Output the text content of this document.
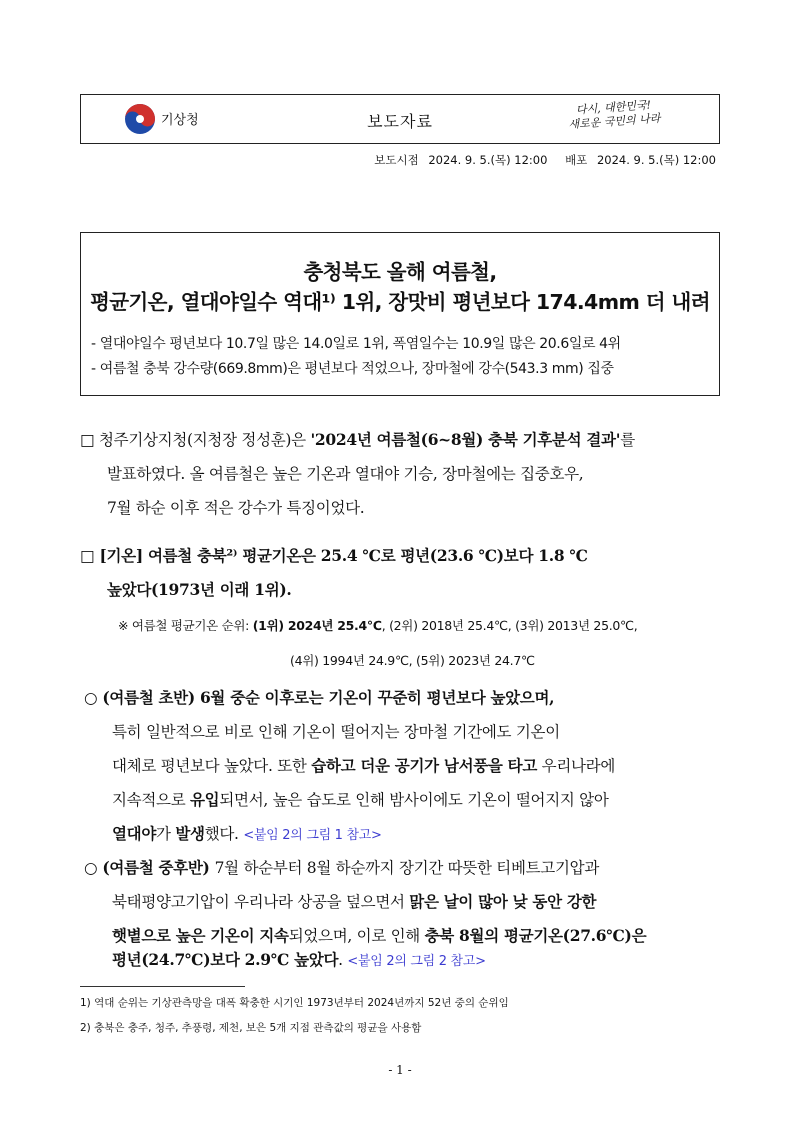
기상청	보도자료
다시, 대한민국!
새로운 국민의 나라
보도시점 2024. 9. 5.(목) 12:00 배포 2024. 9. 5.(목) 12:00
충청북도 올해 여름철,
평균기온, 열대야일수 역대¹⁾ 1위, 장맛비 평년보다 174.4mm 더 내려
- 열대야일수 평년보다 10.7일 많은 14.0일로 1위, 폭염일수는 10.9일 많은 20.6일로 4위
- 여름철 충북 강수량(669.8mm)은 평년보다 적었으나, 장마철에 강수(543.3 mm) 집중
□ 청주기상지청(지청장 정성훈)은 '2024년 여름철(6~8월) 충북 기후분석 결과'를
발표하였다. 올 여름철은 높은 기온과 열대야 기승, 장마철에는 집중호우,
7월 하순 이후 적은 강수가 특징이었다.
□ [기온] 여름철 충북²⁾ 평균기온은 25.4 ℃로 평년(23.6 ℃)보다 1.8 ℃
높았다(1973년 이래 1위).
※ 여름철 평균기온 순위: (1위) 2024년 25.4℃, (2위) 2018년 25.4℃, (3위) 2013년 25.0℃,
(4위) 1994년 24.9℃, (5위) 2023년 24.7℃
○ (여름철 초반) 6월 중순 이후로는 기온이 꾸준히 평년보다 높았으며,
특히 일반적으로 비로 인해 기온이 떨어지는 장마철 기간에도 기온이
대체로 평년보다 높았다. 또한 습하고 더운 공기가 남서풍을 타고 우리나라에
지속적으로 유입되면서, 높은 습도로 인해 밤사이에도 기온이 떨어지지 않아
열대야가 발생했다. <붙임 2의 그림 1 참고>
○ (여름철 중후반) 7월 하순부터 8월 하순까지 장기간 따뜻한 티베트고기압과
북태평양고기압이 우리나라 상공을 덮으면서 맑은 날이 많아 낮 동안 강한
햇볕으로 높은 기온이 지속되었으며, 이로 인해 충북 8월의 평균기온(27.6℃)은
평년(24.7℃)보다 2.9℃ 높았다. <붙임 2의 그림 2 참고>
1) 역대 순위는 기상관측망을 대폭 확충한 시기인 1973년부터 2024년까지 52년 중의 순위임
2) 충북은 충주, 청주, 추풍령, 제천, 보은 5개 지점 관측값의 평균을 사용함
- 1 -
